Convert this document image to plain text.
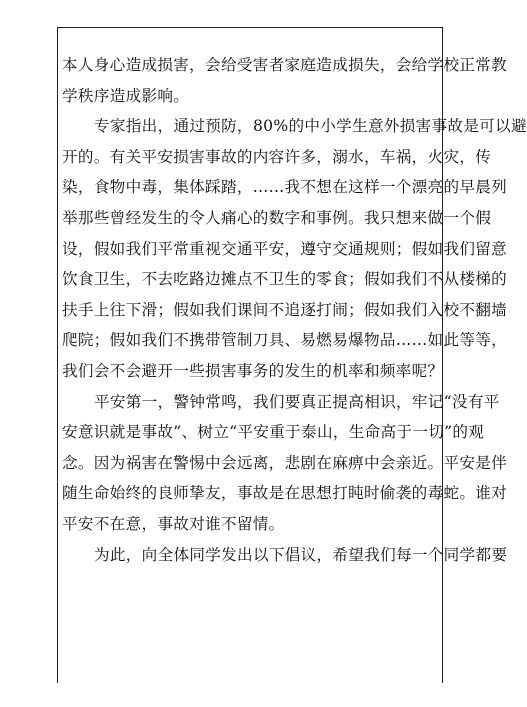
本人身心造成损害，会给受害者家庭造成损失，会给学校正常教
学秩序造成影响。
专家指出，通过预防，80%的中小学生意外损害事故是可以避
开的。有关平安损害事故的内容许多，溺水，车祸，火灾，传
染，食物中毒，集体踩踏，……我不想在这样一个漂亮的早晨列
举那些曾经发生的令人痛心的数字和事例。我只想来做一个假
设，假如我们平常重视交通平安，遵守交通规则；假如我们留意
饮食卫生，不去吃路边摊点不卫生的零食；假如我们不从楼梯的
扶手上往下滑；假如我们课间不追逐打闹；假如我们入校不翻墙
爬院；假如我们不携带管制刀具、易燃易爆物品……如此等等，
我们会不会避开一些损害事务的发生的机率和频率呢？
平安第一，警钟常鸣，我们要真正提高相识，牢记“没有平
安意识就是事故”、树立“平安重于泰山，生命高于一切”的观
念。因为祸害在警惕中会远离，悲剧在麻痹中会亲近。平安是伴
随生命始终的良师挚友，事故是在思想打盹时偷袭的毒蛇。谁对
平安不在意，事故对谁不留情。
为此，向全体同学发出以下倡议，希望我们每一个同学都要
